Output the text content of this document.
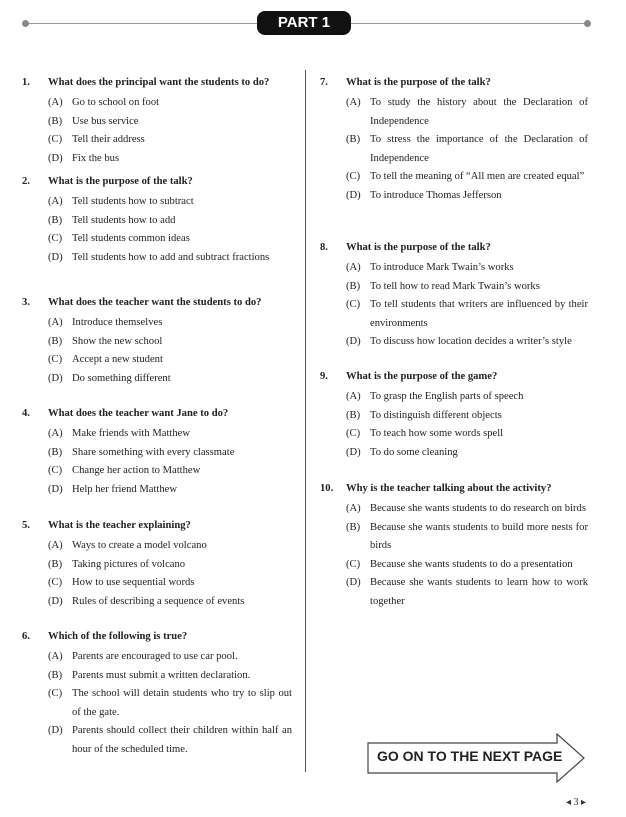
PART 1
1. What does the principal want the students to do?
(A) Go to school on foot
(B) Use bus service
(C) Tell their address
(D) Fix the bus
2. What is the purpose of the talk?
(A) Tell students how to subtract
(B) Tell students how to add
(C) Tell students common ideas
(D) Tell students how to add and subtract fractions
3. What does the teacher want the students to do?
(A) Introduce themselves
(B) Show the new school
(C) Accept a new student
(D) Do something different
4. What does the teacher want Jane to do?
(A) Make friends with Matthew
(B) Share something with every classmate
(C) Change her action to Matthew
(D) Help her friend Matthew
5. What is the teacher explaining?
(A) Ways to create a model volcano
(B) Taking pictures of volcano
(C) How to use sequential words
(D) Rules of describing a sequence of events
6. Which of the following is true?
(A) Parents are encouraged to use car pool.
(B) Parents must submit a written declaration.
(C) The school will detain students who try to slip out of the gate.
(D) Parents should collect their children within half an hour of the scheduled time.
7. What is the purpose of the talk?
(A) To study the history about the Declaration of Independence
(B) To stress the importance of the Declaration of Independence
(C) To tell the meaning of “All men are created equal”
(D) To introduce Thomas Jefferson
8. What is the purpose of the talk?
(A) To introduce Mark Twain’s works
(B) To tell how to read Mark Twain’s works
(C) To tell students that writers are influenced by their environments
(D) To discuss how location decides a writer’s style
9. What is the purpose of the game?
(A) To grasp the English parts of speech
(B) To distinguish different objects
(C) To teach how some words spell
(D) To do some cleaning
10. Why is the teacher talking about the activity?
(A) Because she wants students to do research on birds
(B) Because she wants students to build more nests for birds
(C) Because she wants students to do a presentation
(D) Because she wants students to learn how to work together
GO ON TO THE NEXT PAGE
◂ 3 ▸
